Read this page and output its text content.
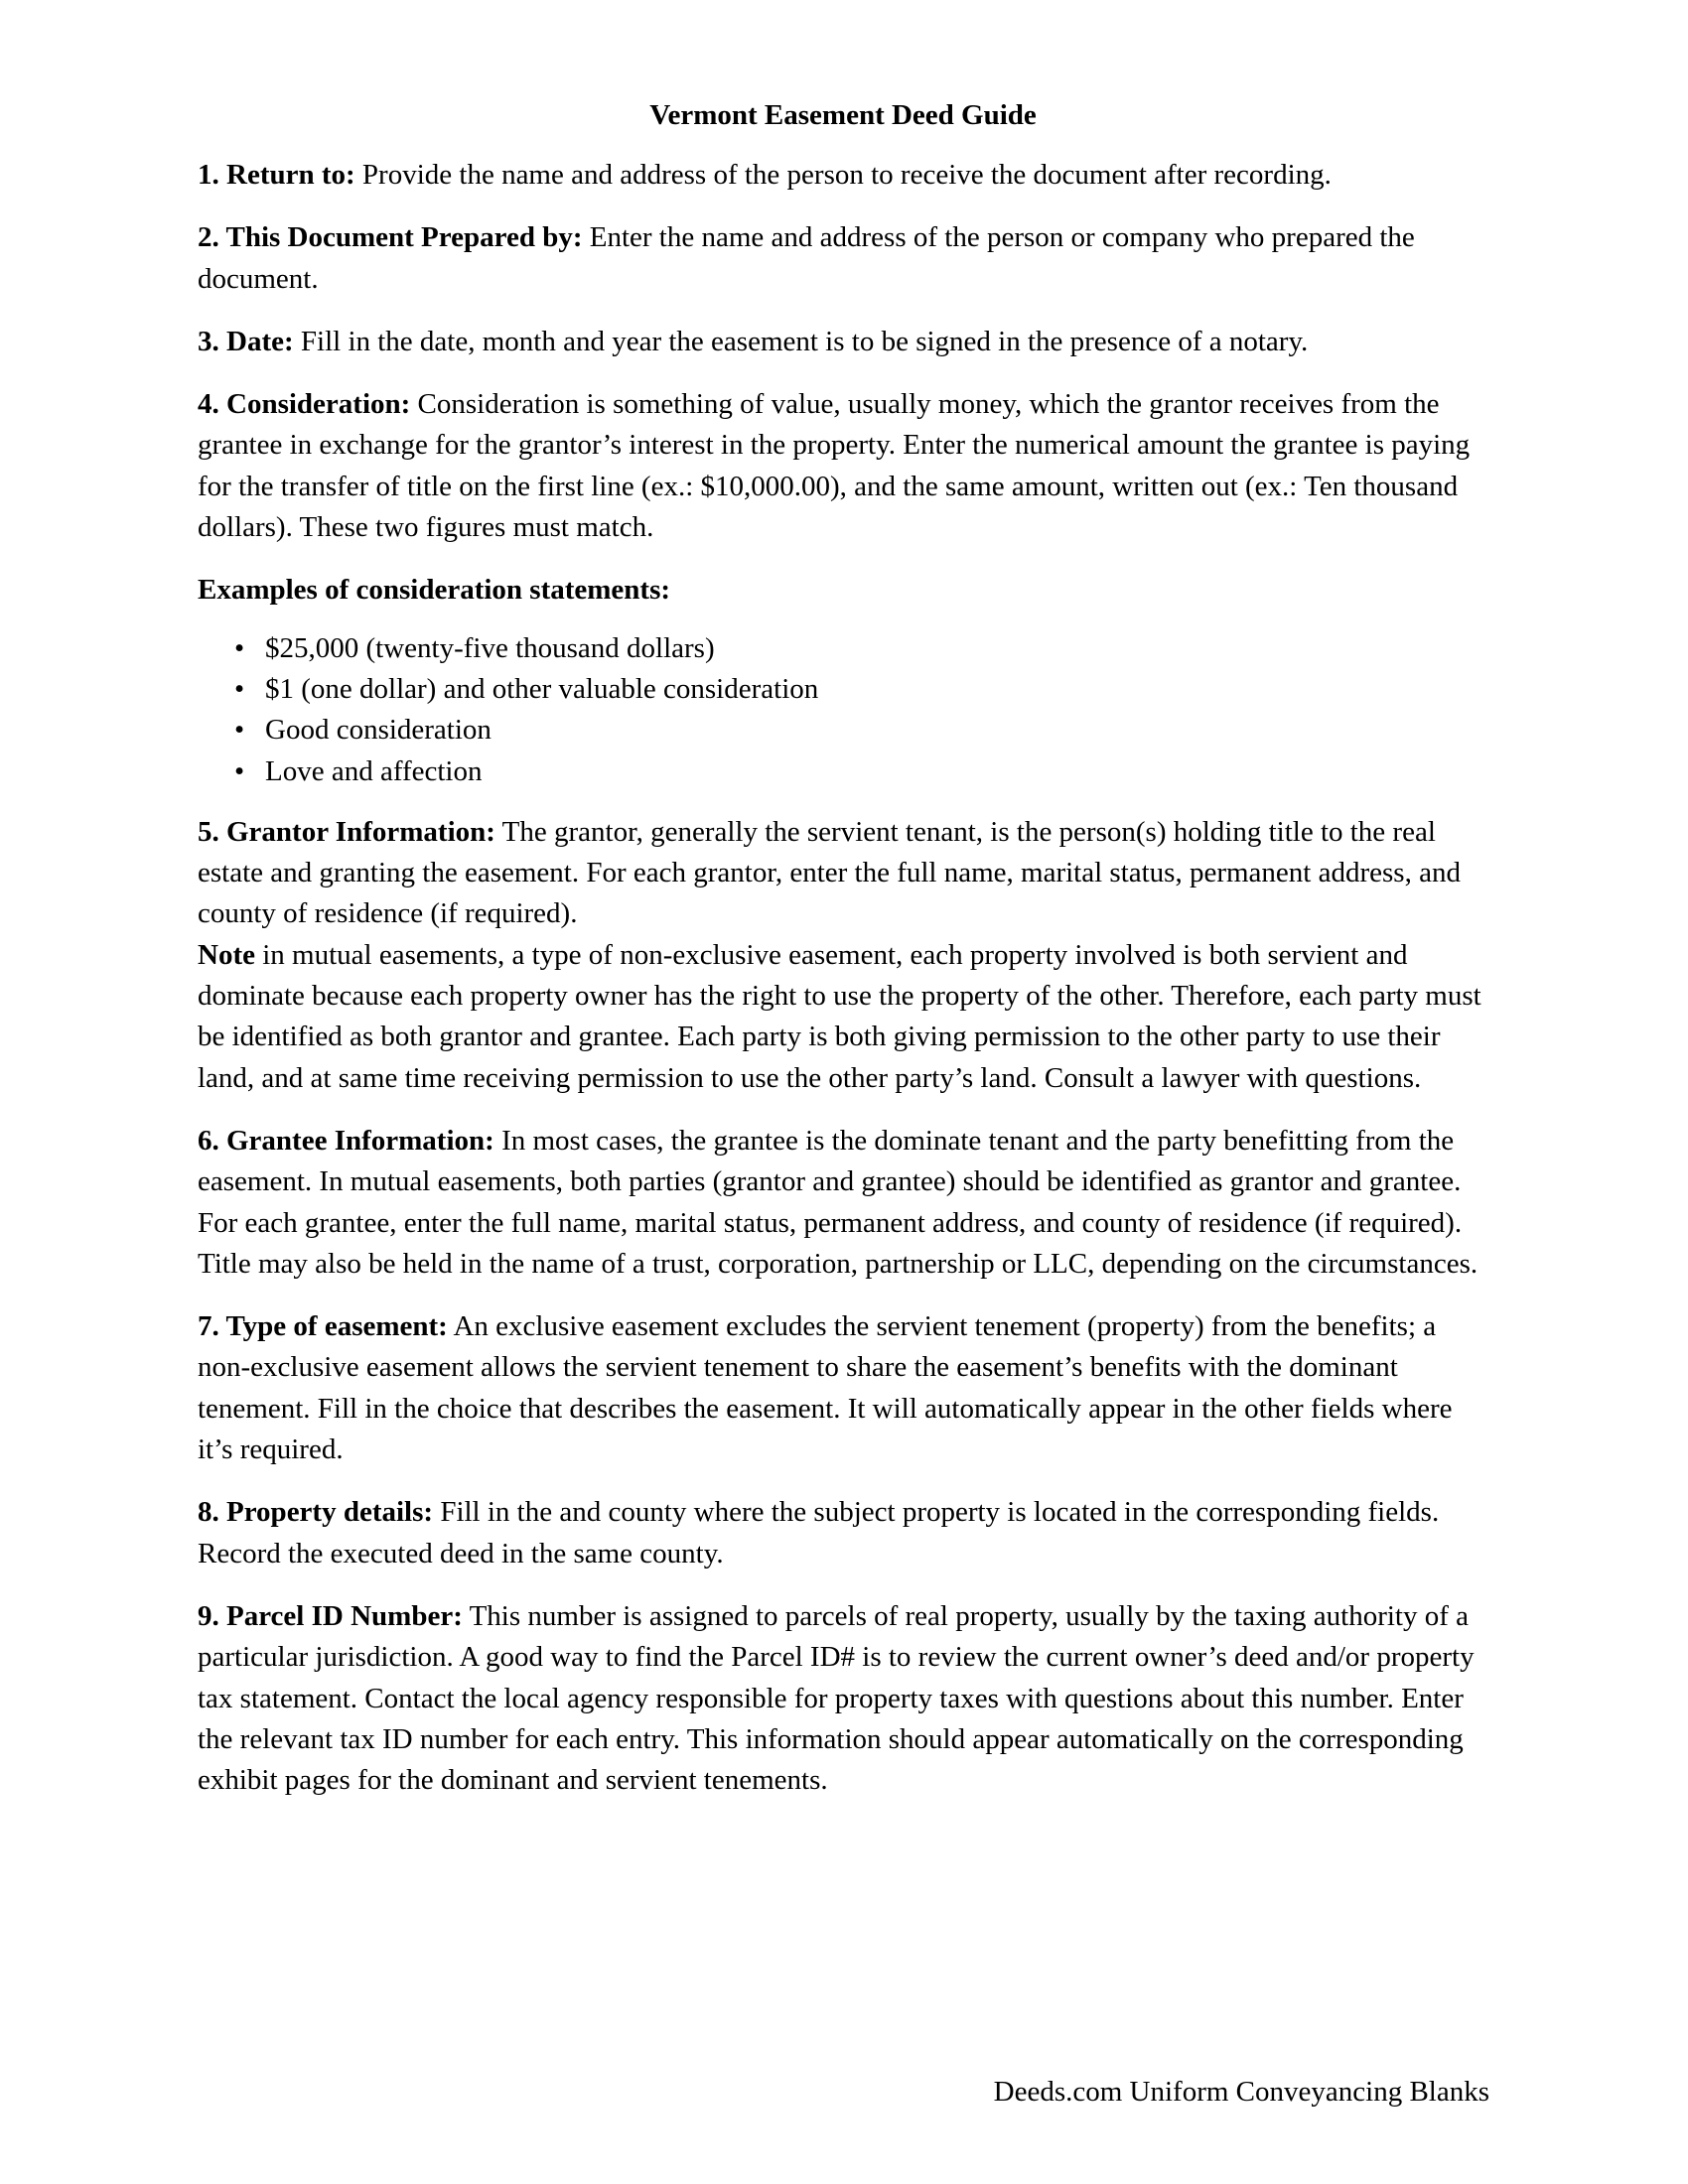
Vermont Easement Deed Guide
1. Return to: Provide the name and address of the person to receive the document after recording.
2. This Document Prepared by: Enter the name and address of the person or company who prepared the document.
3. Date: Fill in the date, month and year the easement is to be signed in the presence of a notary.
4. Consideration: Consideration is something of value, usually money, which the grantor receives from the grantee in exchange for the grantor’s interest in the property. Enter the numerical amount the grantee is paying for the transfer of title on the first line (ex.: $10,000.00), and the same amount, written out (ex.: Ten thousand dollars). These two figures must match.
Examples of consideration statements:
• $25,000 (twenty-five thousand dollars)
• $1 (one dollar) and other valuable consideration
• Good consideration
• Love and affection
5. Grantor Information: The grantor, generally the servient tenant, is the person(s) holding title to the real estate and granting the easement. For each grantor, enter the full name, marital status, permanent address, and county of residence (if required).
Note in mutual easements, a type of non-exclusive easement, each property involved is both servient and dominate because each property owner has the right to use the property of the other. Therefore, each party must be identified as both grantor and grantee. Each party is both giving permission to the other party to use their land, and at same time receiving permission to use the other party’s land. Consult a lawyer with questions.
6. Grantee Information: In most cases, the grantee is the dominate tenant and the party benefitting from the easement. In mutual easements, both parties (grantor and grantee) should be identified as grantor and grantee. For each grantee, enter the full name, marital status, permanent address, and county of residence (if required). Title may also be held in the name of a trust, corporation, partnership or LLC, depending on the circumstances.
7. Type of easement: An exclusive easement excludes the servient tenement (property) from the benefits; a non-exclusive easement allows the servient tenement to share the easement’s benefits with the dominant tenement. Fill in the choice that describes the easement. It will automatically appear in the other fields where it’s required.
8. Property details: Fill in the and county where the subject property is located in the corresponding fields. Record the executed deed in the same county.
9. Parcel ID Number: This number is assigned to parcels of real property, usually by the taxing authority of a particular jurisdiction. A good way to find the Parcel ID# is to review the current owner’s deed and/or property tax statement. Contact the local agency responsible for property taxes with questions about this number. Enter the relevant tax ID number for each entry. This information should appear automatically on the corresponding exhibit pages for the dominant and servient tenements.
Deeds.com Uniform Conveyancing Blanks
